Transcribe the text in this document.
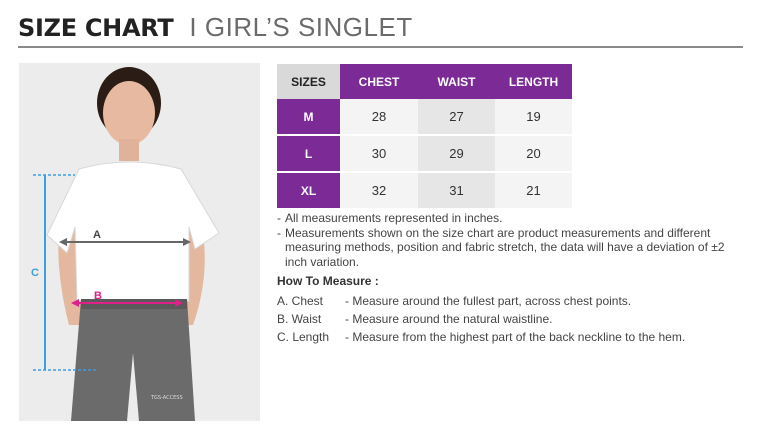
SIZE CHART I GIRL’S SINGLET
TGS-ACCESS
A
B
C
SIZES	CHEST	WAIST	LENGTH
M	28	27	19
L	30	29	20
XL	32	31	21
- All measurements represented in inches.
- Measurements shown on the size chart are product measurements and different measuring methods, position and fabric stretch, the data will have a deviation of ±2 inch variation.
How To Measure :
A. Chest	- Measure around the fullest part, across chest points.
B. Waist	- Measure around the natural waistline.
C. Length	- Measure from the highest part of the back neckline to the hem.
